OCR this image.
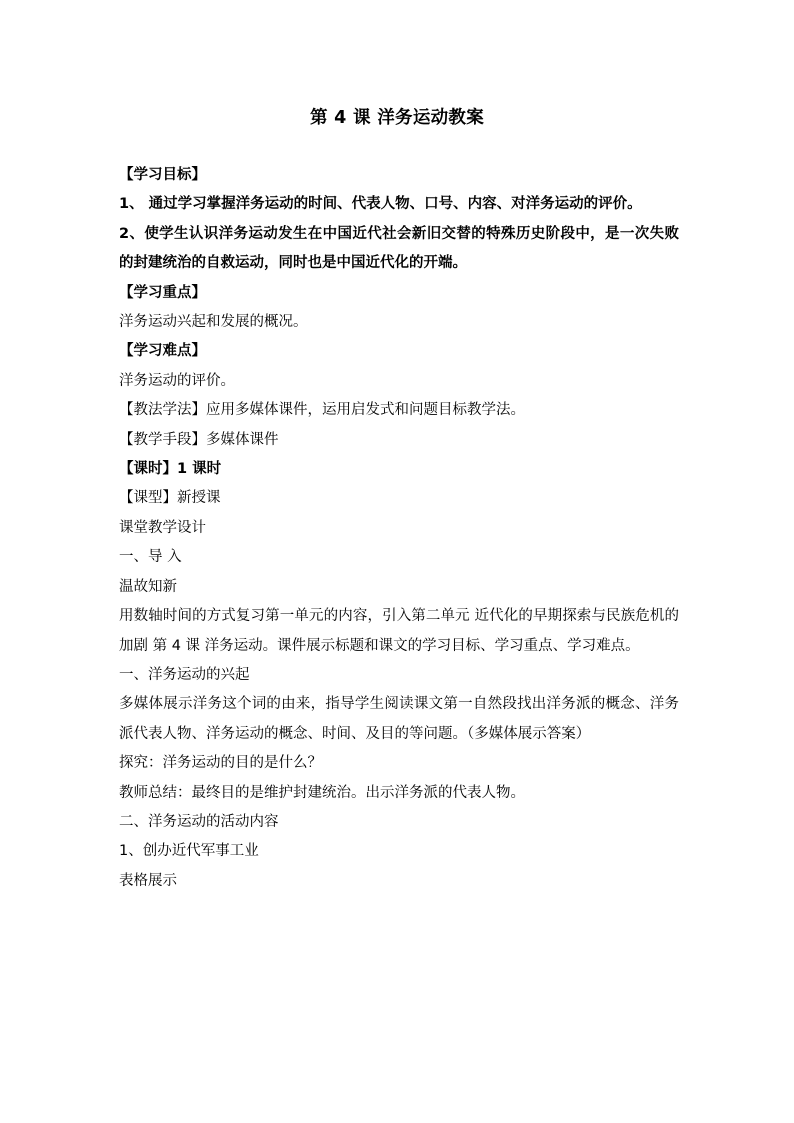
第 4 课 洋务运动教案

【学习目标】

1、 通过学习掌握洋务运动的时间、代表人物、口号、内容、对洋务运动的评价。

2、使学生认识洋务运动发生在中国近代社会新旧交替的特殊历史阶段中，是一次失败的封建统治的自救运动，同时也是中国近代化的开端。

【学习重点】

洋务运动兴起和发展的概况。

【学习难点】

洋务运动的评价。

【教法学法】应用多媒体课件，运用启发式和问题目标教学法。

【教学手段】多媒体课件

【课时】1 课时

【课型】新授课

课堂教学设计

一、导 入

温故知新

用数轴时间的方式复习第一单元的内容，引入第二单元 近代化的早期探索与民族危机的加剧 第 4 课 洋务运动。课件展示标题和课文的学习目标、学习重点、学习难点。

一、洋务运动的兴起

多媒体展示洋务这个词的由来，指导学生阅读课文第一自然段找出洋务派的概念、洋务派代表人物、洋务运动的概念、时间、及目的等问题。（多媒体展示答案）

探究：洋务运动的目的是什么？

教师总结：最终目的是维护封建统治。出示洋务派的代表人物。

二、洋务运动的活动内容

1、创办近代军事工业

表格展示
